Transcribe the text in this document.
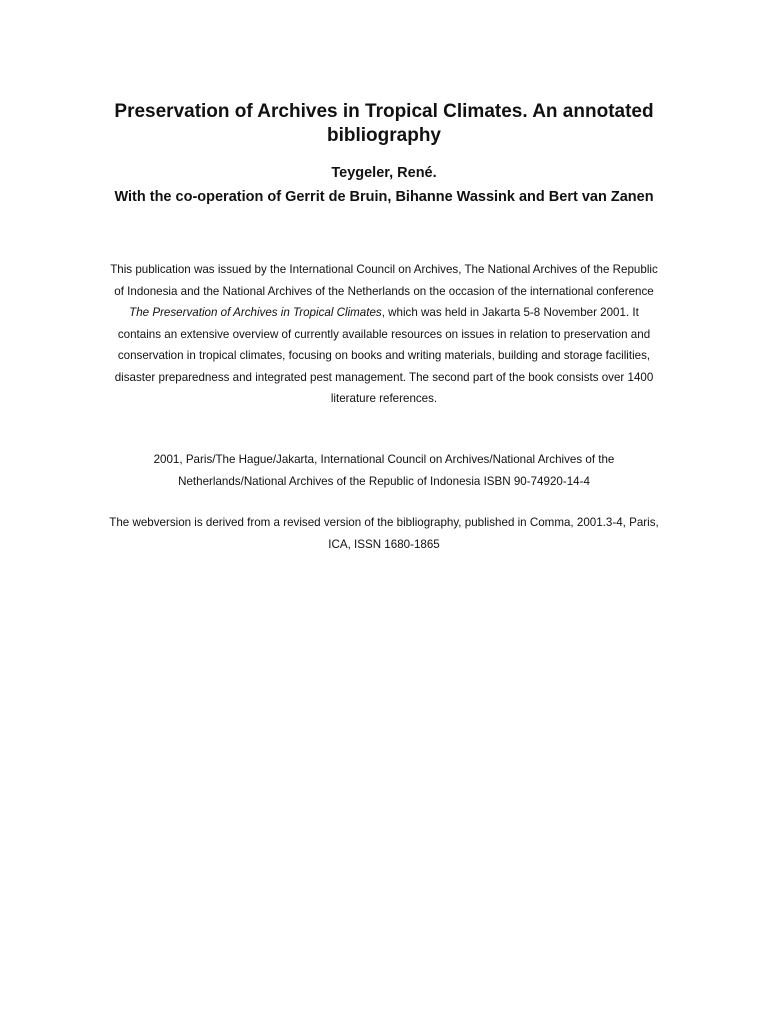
Preservation of Archives in Tropical Climates. An annotated bibliography

Teygeler, René.

With the co-operation of Gerrit de Bruin, Bihanne Wassink and Bert van Zanen

This publication was issued by the International Council on Archives, The National Archives of the Republic of Indonesia and the National Archives of the Netherlands on the occasion of the international conference The Preservation of Archives in Tropical Climates, which was held in Jakarta 5-8 November 2001. It contains an extensive overview of currently available resources on issues in relation to preservation and conservation in tropical climates, focusing on books and writing materials, building and storage facilities, disaster preparedness and integrated pest management. The second part of the book consists over 1400 literature references.

2001, Paris/The Hague/Jakarta, International Council on Archives/National Archives of the Netherlands/National Archives of the Republic of Indonesia ISBN 90-74920-14-4

The webversion is derived from a revised version of the bibliography, published in Comma, 2001.3-4, Paris, ICA, ISSN 1680-1865
